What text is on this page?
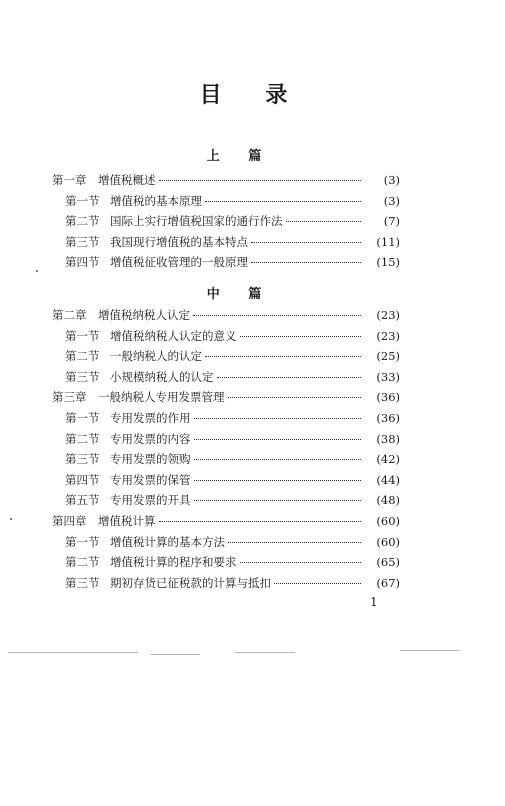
目 录
上 篇
第一章	增值税概述	(3)
第一节 增值税的基本原理	(3)
第二节 国际上实行增值税国家的通行作法	(7)
第三节 我国现行增值税的基本特点	(11)
第四节 增值税征收管理的一般原理	(15)
中 篇
第二章	增值税纳税人认定	(23)
第一节 增值税纳税人认定的意义	(23)
第二节 一般纳税人的认定	(25)
第三节 小规模纳税人的认定	(33)
第三章	一般纳税人专用发票管理	(36)
第一节 专用发票的作用	(36)
第二节 专用发票的内容	(38)
第三节 专用发票的领购	(42)
第四节 专用发票的保管	(44)
第五节 专用发票的开具	(48)
第四章	增值税计算	(60)
第一节 增值税计算的基本方法	(60)
第二节 增值税计算的程序和要求	(65)
第三节 期初存货已征税款的计算与抵扣	(67)
1
